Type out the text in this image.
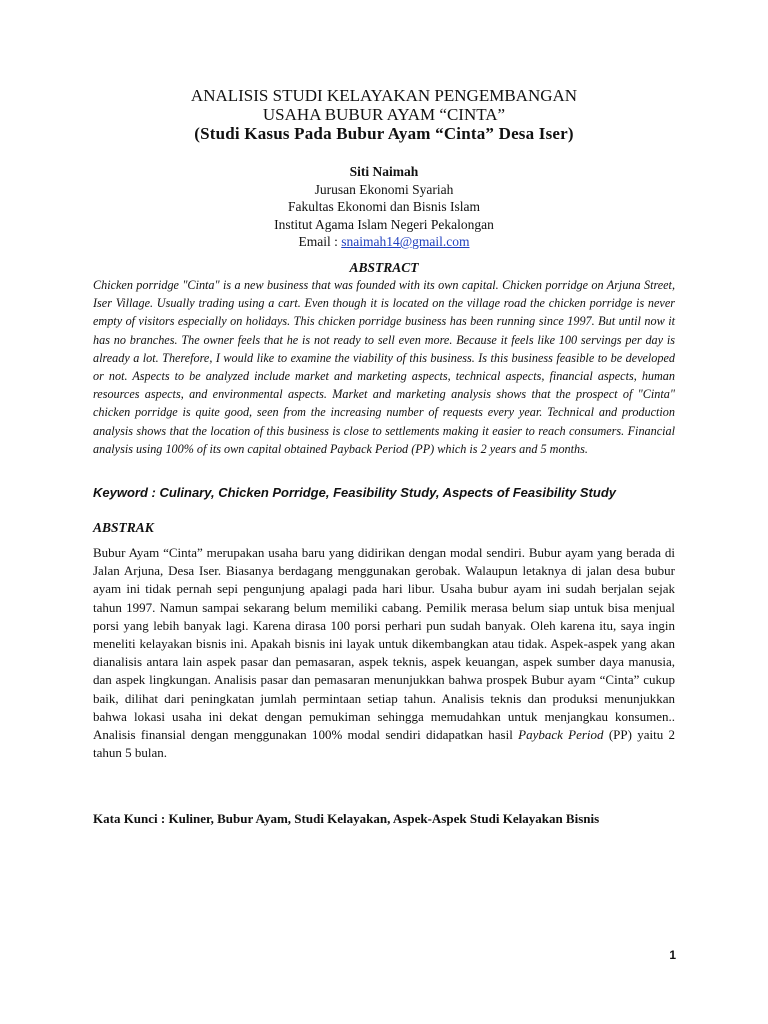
ANALISIS STUDI KELAYAKAN PENGEMBANGAN
USAHA BUBUR AYAM “CINTA”
(Studi Kasus Pada Bubur Ayam “Cinta” Desa Iser)
Siti Naimah
Jurusan Ekonomi Syariah
Fakultas Ekonomi dan Bisnis Islam
Institut Agama Islam Negeri Pekalongan
Email : snaimah14@gmail.com
ABSTRACT
Chicken porridge "Cinta" is a new business that was founded with its own capital. Chicken porridge on Arjuna Street, Iser Village. Usually trading using a cart. Even though it is located on the village road the chicken porridge is never empty of visitors especially on holidays. This chicken porridge business has been running since 1997. But until now it has no branches. The owner feels that he is not ready to sell even more. Because it feels like 100 servings per day is already a lot. Therefore, I would like to examine the viability of this business. Is this business feasible to be developed or not. Aspects to be analyzed include market and marketing aspects, technical aspects, financial aspects, human resources aspects, and environmental aspects. Market and marketing analysis shows that the prospect of "Cinta" chicken porridge is quite good, seen from the increasing number of requests every year. Technical and production analysis shows that the location of this business is close to settlements making it easier to reach consumers. Financial analysis using 100% of its own capital obtained Payback Period (PP) which is 2 years and 5 months.
Keyword : Culinary, Chicken Porridge, Feasibility Study, Aspects of Feasibility Study
ABSTRAK
Bubur Ayam “Cinta” merupakan usaha baru yang didirikan dengan modal sendiri. Bubur ayam yang berada di Jalan Arjuna, Desa Iser. Biasanya berdagang menggunakan gerobak. Walaupun letaknya di jalan desa bubur ayam ini tidak pernah sepi pengunjung apalagi pada hari libur. Usaha bubur ayam ini sudah berjalan sejak tahun 1997. Namun sampai sekarang belum memiliki cabang. Pemilik merasa belum siap untuk bisa menjual porsi yang lebih banyak lagi. Karena dirasa 100 porsi perhari pun sudah banyak. Oleh karena itu, saya ingin meneliti kelayakan bisnis ini. Apakah bisnis ini layak untuk dikembangkan atau tidak. Aspek-aspek yang akan dianalisis antara lain aspek pasar dan pemasaran, aspek teknis, aspek keuangan, aspek sumber daya manusia, dan aspek lingkungan. Analisis pasar dan pemasaran menunjukkan bahwa prospek Bubur ayam “Cinta” cukup baik, dilihat dari peningkatan jumlah permintaan setiap tahun. Analisis teknis dan produksi menunjukkan bahwa lokasi usaha ini dekat dengan pemukiman sehingga memudahkan untuk menjangkau konsumen.. Analisis finansial dengan menggunakan 100% modal sendiri didapatkan hasil Payback Period (PP) yaitu 2 tahun 5 bulan.
Kata Kunci : Kuliner, Bubur Ayam, Studi Kelayakan, Aspek-Aspek Studi Kelayakan Bisnis
1
